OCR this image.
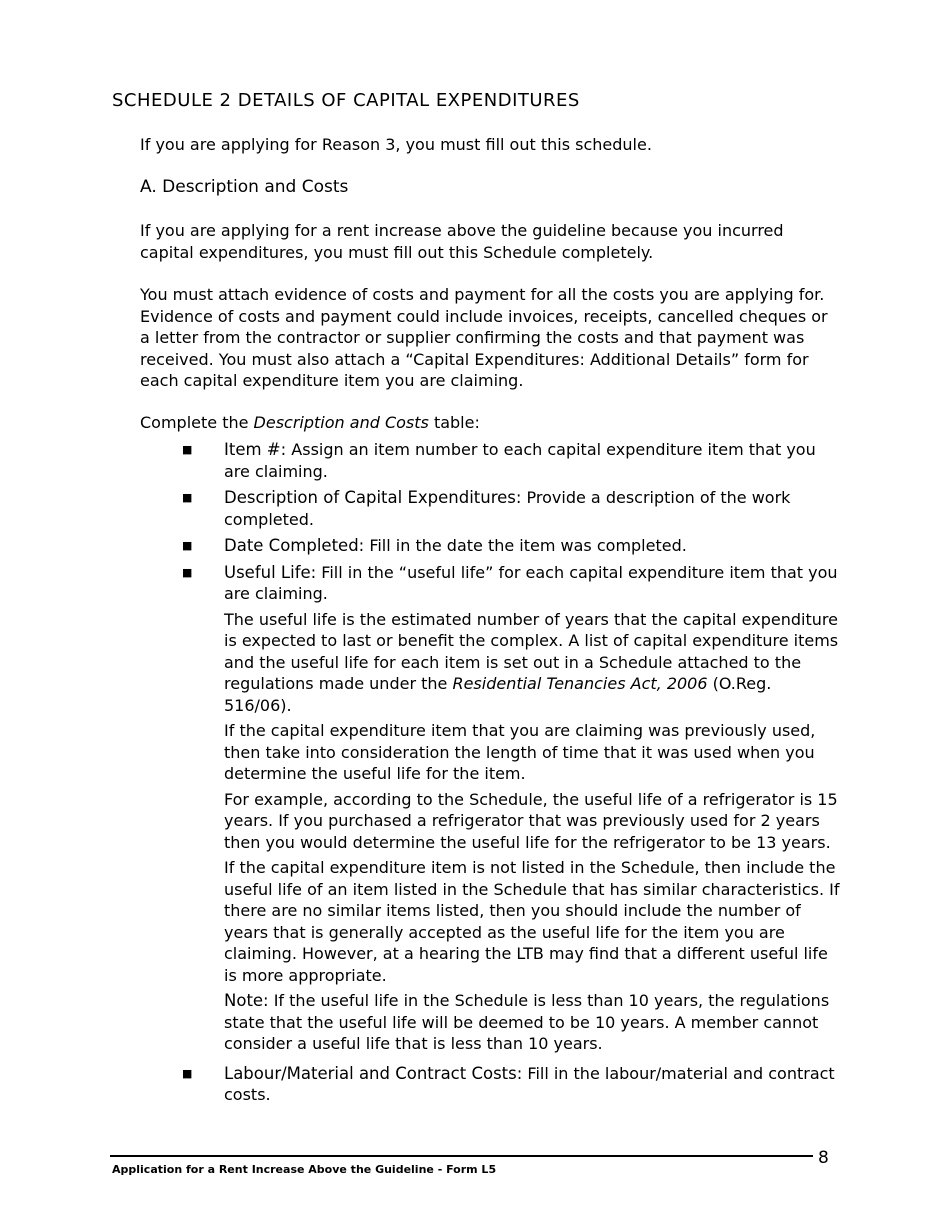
SCHEDULE 2 DETAILS OF CAPITAL EXPENDITURES
If you are applying for Reason 3, you must fill out this schedule.
A. Description and Costs
If you are applying for a rent increase above the guideline because you incurred capital expenditures, you must fill out this Schedule completely.
You must attach evidence of costs and payment for all the costs you are applying for. Evidence of costs and payment could include invoices, receipts, cancelled cheques or a letter from the contractor or supplier confirming the costs and that payment was received. You must also attach a “Capital Expenditures: Additional Details” form for each capital expenditure item you are claiming.
Complete the Description and Costs table:
■ Item #: Assign an item number to each capital expenditure item that you are claiming.
■ Description of Capital Expenditures: Provide a description of the work completed.
■ Date Completed: Fill in the date the item was completed.
■ Useful Life: Fill in the “useful life” for each capital expenditure item that you are claiming.
The useful life is the estimated number of years that the capital expenditure is expected to last or benefit the complex. A list of capital expenditure items and the useful life for each item is set out in a Schedule attached to the regulations made under the Residential Tenancies Act, 2006 (O.Reg. 516/06).
If the capital expenditure item that you are claiming was previously used, then take into consideration the length of time that it was used when you determine the useful life for the item.
For example, according to the Schedule, the useful life of a refrigerator is 15 years. If you purchased a refrigerator that was previously used for 2 years then you would determine the useful life for the refrigerator to be 13 years.
If the capital expenditure item is not listed in the Schedule, then include the useful life of an item listed in the Schedule that has similar characteristics. If there are no similar items listed, then you should include the number of years that is generally accepted as the useful life for the item you are claiming. However, at a hearing the LTB may find that a different useful life is more appropriate.
Note: If the useful life in the Schedule is less than 10 years, the regulations state that the useful life will be deemed to be 10 years. A member cannot consider a useful life that is less than 10 years.
■ Labour/Material and Contract Costs: Fill in the labour/material and contract costs.
8
Application for a Rent Increase Above the Guideline - Form L5
